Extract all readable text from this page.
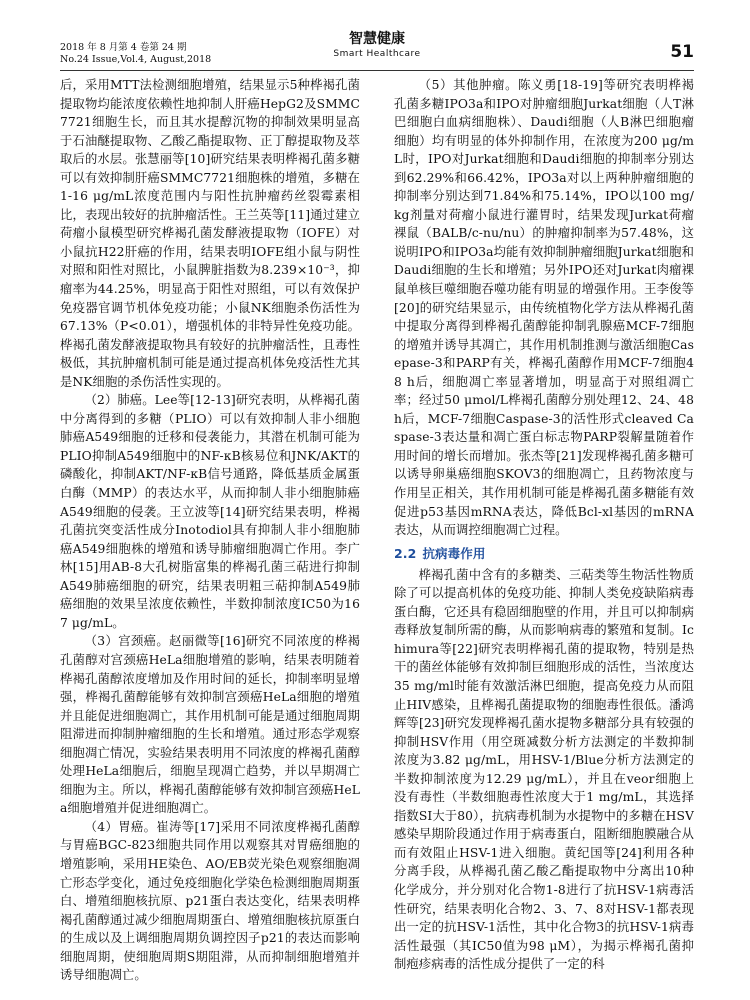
2018 年 8 月第 4 卷第 24 期
No.24 Issue,Vol.4, August,2018
智慧健康
Smart Healthcare	51

后，采用MTT法检测细胞增殖，结果显示5种桦褐孔菌提取物均能浓度依赖性地抑制人肝癌HepG2及SMMC7721细胞生长，而且其水提醇沉物的抑制效果明显高于石油醚提取物、乙酸乙酯提取物、正丁醇提取物及萃取后的水层。张慧丽等[10]研究结果表明桦褐孔菌多糖可以有效抑制肝癌SMMC7721细胞株的增殖，多糖在1-16 μg/mL浓度范围内与阳性抗肿瘤药丝裂霉素相比，表现出较好的抗肿瘤活性。王兰英等[11]通过建立荷瘤小鼠模型研究桦褐孔菌发酵液提取物（IOFE）对小鼠抗H22肝癌的作用，结果表明IOFE组小鼠与阴性对照和阳性对照比，小鼠脾脏指数为8.239×10⁻³，抑瘤率为44.25%，明显高于阳性对照组，可以有效保护免疫器官调节机体免疫功能；小鼠NK细胞杀伤活性为67.13%（P<0.01），增强机体的非特异性免疫功能。桦褐孔菌发酵液提取物具有较好的抗肿瘤活性，且毒性极低，其抗肿瘤机制可能是通过提高机体免疫活性尤其是NK细胞的杀伤活性实现的。

（2）肺癌。Lee等[12-13]研究表明，从桦褐孔菌中分离得到的多糖（PLIO）可以有效抑制人非小细胞肺癌A549细胞的迁移和侵袭能力，其潜在机制可能为PLIO抑制A549细胞中的NF-κB核易位和JNK/AKT的磷酸化，抑制AKT/NF-κB信号通路，降低基质金属蛋白酶（MMP）的表达水平，从而抑制人非小细胞肺癌A549细胞的侵袭。王立波等[14]研究结果表明，桦褐孔菌抗突变活性成分Inotodiol具有抑制人非小细胞肺癌A549细胞株的增殖和诱导肺瘤细胞凋亡作用。李广林[15]用AB-8大孔树脂富集的桦褐孔菌三萜进行抑制A549肺癌细胞的研究，结果表明粗三萜抑制A549肺癌细胞的效果呈浓度依赖性，半数抑制浓度IC50为167 μg/mL。

（3）宫颈癌。赵丽微等[16]研究不同浓度的桦褐孔菌醇对宫颈癌HeLa细胞增殖的影响，结果表明随着桦褐孔菌醇浓度增加及作用时间的延长，抑制率明显增强，桦褐孔菌醇能够有效抑制宫颈癌HeLa细胞的增殖并且能促进细胞凋亡，其作用机制可能是通过细胞周期阻滞进而抑制肿瘤细胞的生长和增殖。通过形态学观察细胞凋亡情况，实验结果表明用不同浓度的桦褐孔菌醇处理HeLa细胞后，细胞呈现凋亡趋势，并以早期凋亡细胞为主。所以，桦褐孔菌醇能够有效抑制宫颈癌HeLa细胞增殖并促进细胞凋亡。

（4）胃癌。崔涛等[17]采用不同浓度桦褐孔菌醇与胃癌BGC-823细胞共同作用以观察其对胃癌细胞的增殖影响，采用HE染色、AO/EB荧光染色观察细胞凋亡形态学变化，通过免疫细胞化学染色检测细胞周期蛋白、增殖细胞核抗原、p21蛋白表达变化，结果表明桦褐孔菌醇通过减少细胞周期蛋白、增殖细胞核抗原蛋白的生成以及上调细胞周期负调控因子p21的表达而影响细胞周期，使细胞周期S期阻滞，从而抑制细胞增殖并诱导细胞凋亡。

（5）其他肿瘤。陈义勇[18-19]等研究表明桦褐孔菌多糖IPO3a和IPO对肿瘤细胞Jurkat细胞（人T淋巴细胞白血病细胞株）、Daudi细胞（人B淋巴细胞瘤细胞）均有明显的体外抑制作用，在浓度为200 μg/mL时，IPO对Jurkat细胞和Daudi细胞的抑制率分别达到62.29%和66.42%，IPO3a对以上两种肿瘤细胞的抑制率分别达到71.84%和75.14%，IPO以100 mg/kg剂量对荷瘤小鼠进行灌胃时，结果发现Jurkat荷瘤裸鼠（BALB/c-nu/nu）的肿瘤抑制率为57.48%，这说明IPO和IPO3a均能有效抑制肿瘤细胞Jurkat细胞和Daudi细胞的生长和增殖；另外IPO还对Jurkat肉瘤裸鼠单核巨噬细胞吞噬功能有明显的增强作用。王李俊等[20]的研究结果显示，由传统植物化学方法从桦褐孔菌中提取分离得到桦褐孔菌醇能抑制乳腺癌MCF-7细胞的增殖并诱导其凋亡，其作用机制推测与激活细胞Casepase-3和PARP有关，桦褐孔菌醇作用MCF-7细胞48 h后，细胞凋亡率显著增加，明显高于对照组凋亡率；经过50 μmol/L桦褐孔菌醇分别处理12、24、48 h后，MCF-7细胞Caspase-3的活性形式cleaved Caspase-3表达量和凋亡蛋白标志物PARP裂解量随着作用时间的增长而增加。张杰等[21]发现桦褐孔菌多糖可以诱导卵巢癌细胞SKOV3的细胞凋亡，且药物浓度与作用呈正相关，其作用机制可能是桦褐孔菌多糖能有效促进p53基因mRNA表达，降低Bcl-xl基因的mRNA表达，从而调控细胞凋亡过程。

2.2 抗病毒作用

桦褐孔菌中含有的多糖类、三萜类等生物活性物质除了可以提高机体的免疫功能、抑制人类免疫缺陷病毒蛋白酶，它还具有稳固细胞壁的作用，并且可以抑制病毒释放复制所需的酶，从而影响病毒的繁殖和复制。Ichimura等[22]研究表明桦褐孔菌的提取物，特别是热干的菌丝体能够有效抑制巨细胞形成的活性，当浓度达35 mg/ml时能有效激活淋巴细胞，提高免疫力从而阻止HIV感染，且桦褐孔菌提取物的细胞毒性很低。潘鸿辉等[23]研究发现桦褐孔菌水提物多糖部分具有较强的抑制HSV作用（用空斑减数分析方法测定的半数抑制浓度为3.82 μg/mL，用HSV-1/Blue分析方法测定的半数抑制浓度为12.29 μg/mL），并且在veor细胞上没有毒性（半数细胞毒性浓度大于1 mg/mL，其选择指数SI大于80），抗病毒机制为水提物中的多糖在HSV感染早期阶段通过作用于病毒蛋白，阻断细胞膜融合从而有效阻止HSV-1进入细胞。黄纪国等[24]利用各种分离手段，从桦褐孔菌乙酸乙酯提取物中分离出10种化学成分，并分别对化合物1-8进行了抗HSV-1病毒活性研究，结果表明化合物2、3、7、8对HSV-1都表现出一定的抗HSV-1活性，其中化合物3的抗HSV-1病毒活性最强（其IC50值为98 μM），为揭示桦褐孔菌抑制疱疹病毒的活性成分提供了一定的科
